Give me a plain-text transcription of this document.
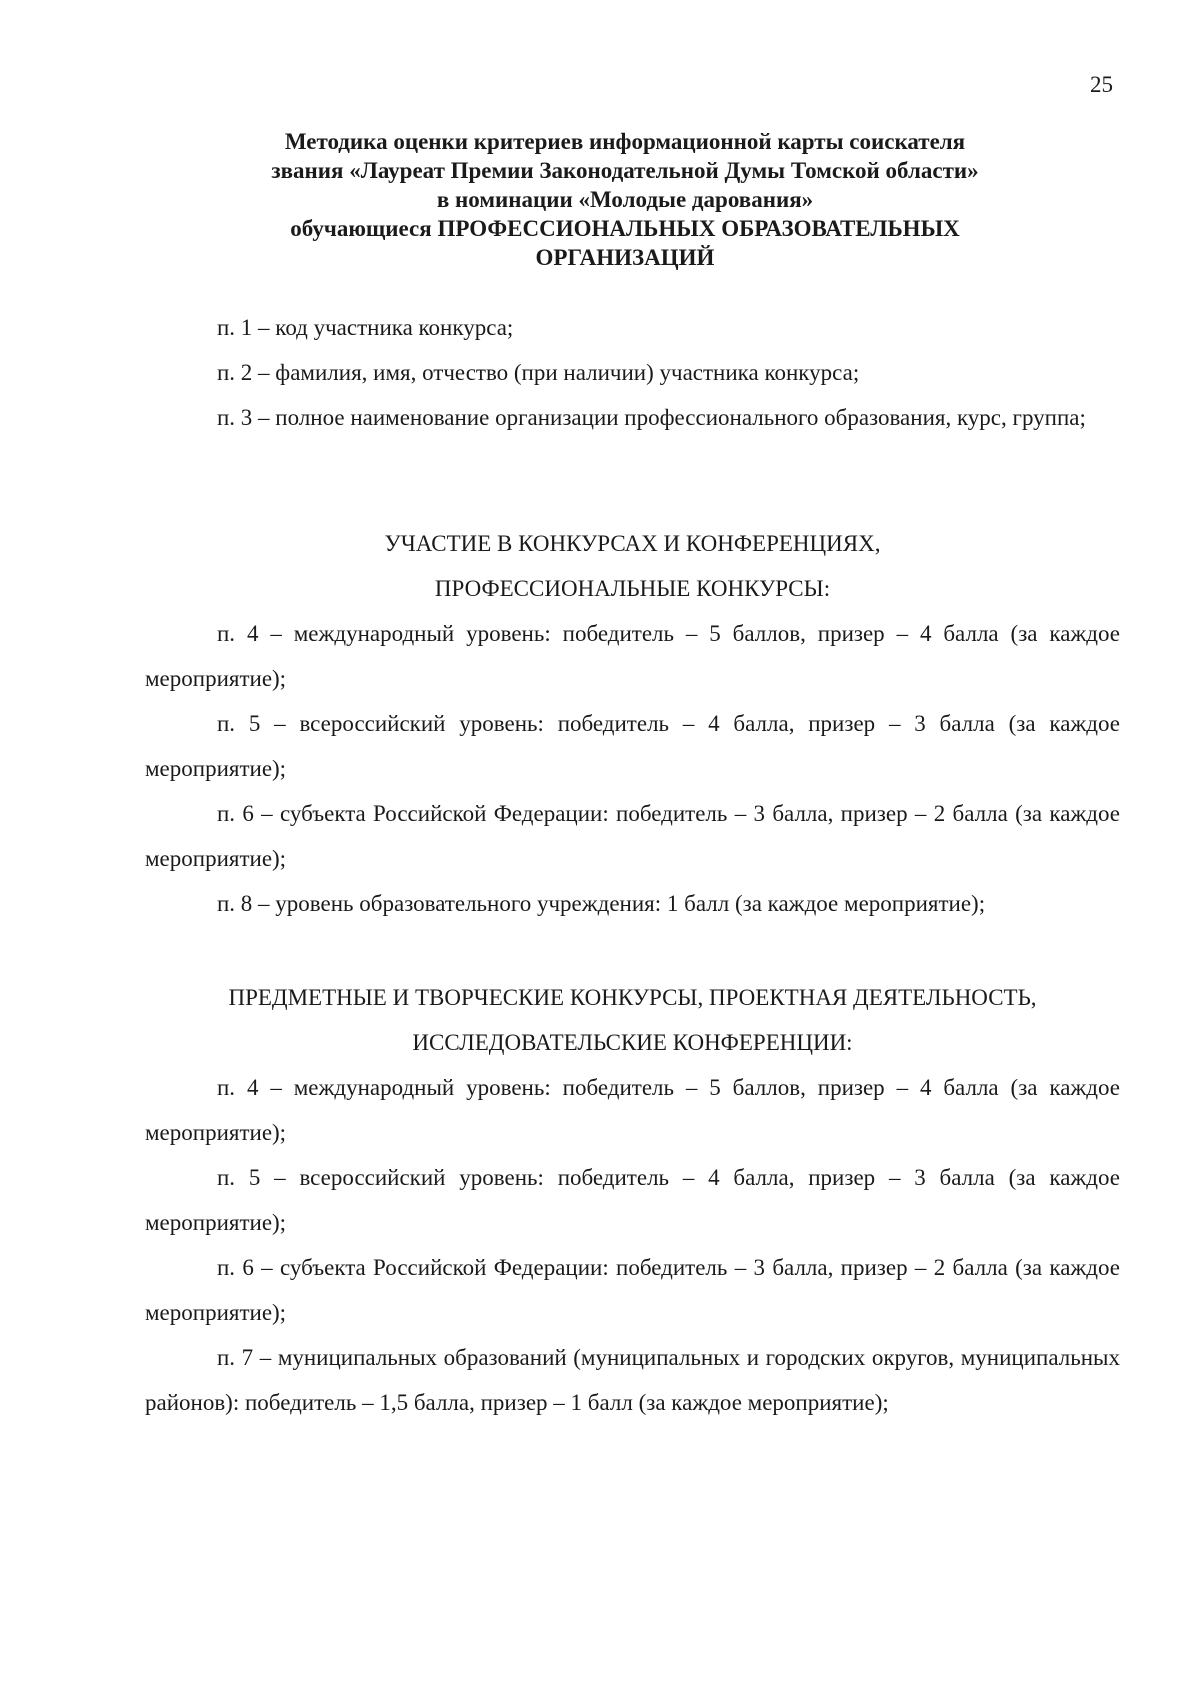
25
Методика оценки критериев информационной карты соискателя
звания «Лауреат Премии Законодательной Думы Томской области»
в номинации «Молодые дарования»
обучающиеся ПРОФЕССИОНАЛЬНЫХ ОБРАЗОВАТЕЛЬНЫХ
ОРГАНИЗАЦИЙ

п. 1 – код участника конкурса;

п. 2 – фамилия, имя, отчество (при наличии) участника конкурса;

п. 3 – полное наименование организации профессионального образования, курс, группа;

УЧАСТИЕ В КОНКУРСАХ И КОНФЕРЕНЦИЯХ,

ПРОФЕССИОНАЛЬНЫЕ КОНКУРСЫ:

п. 4 – международный уровень: победитель – 5 баллов, призер – 4 балла (за каждое мероприятие);

п. 5 – всероссийский уровень: победитель – 4 балла, призер – 3 балла (за каждое мероприятие);

п. 6 – субъекта Российской Федерации: победитель – 3 балла, призер – 2 балла (за каждое мероприятие);

п. 8 – уровень образовательного учреждения: 1 балл (за каждое мероприятие);

ПРЕДМЕТНЫЕ И ТВОРЧЕСКИЕ КОНКУРСЫ, ПРОЕКТНАЯ ДЕЯТЕЛЬНОСТЬ,

ИССЛЕДОВАТЕЛЬСКИЕ КОНФЕРЕНЦИИ:

п. 4 – международный уровень: победитель – 5 баллов, призер – 4 балла (за каждое мероприятие);

п. 5 – всероссийский уровень: победитель – 4 балла, призер – 3 балла (за каждое мероприятие);

п. 6 – субъекта Российской Федерации: победитель – 3 балла, призер – 2 балла (за каждое мероприятие);

п. 7 – муниципальных образований (муниципальных и городских округов, муниципальных районов): победитель – 1,5 балла, призер – 1 балл (за каждое мероприятие);
